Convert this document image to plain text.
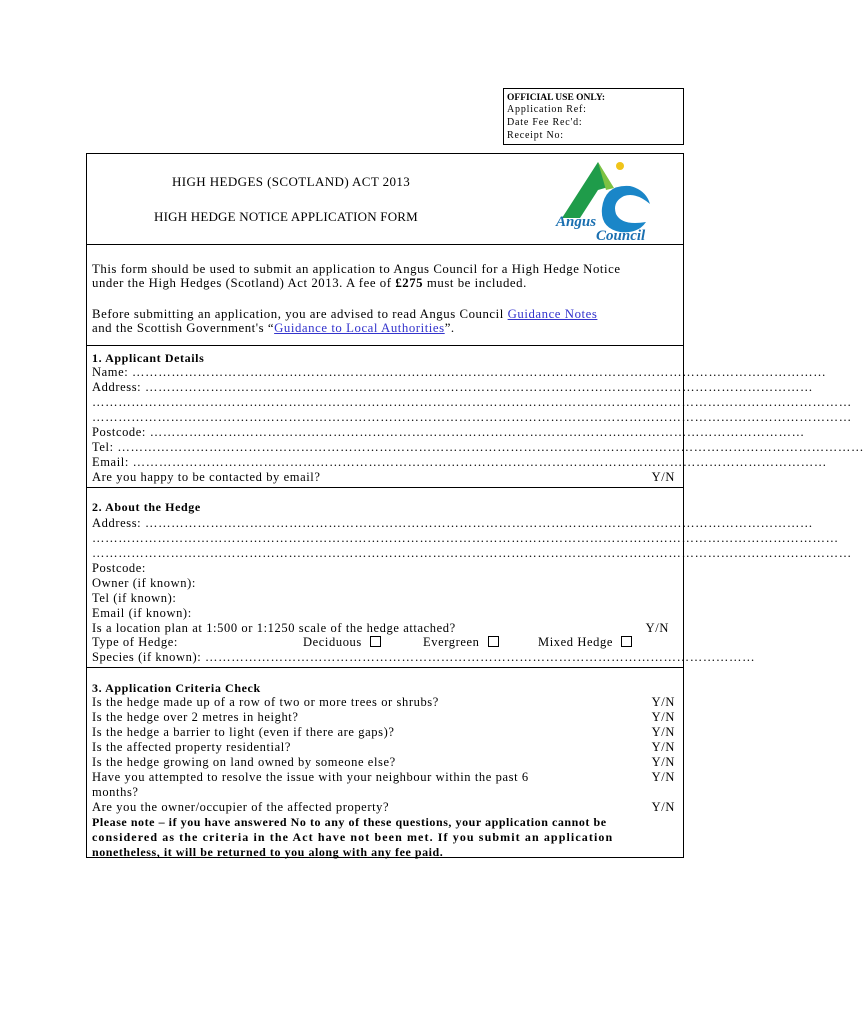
OFFICIAL USE ONLY:
Application Ref:
Date Fee Rec'd:
Receipt No:
HIGH HEDGES (SCOTLAND) ACT 2013
HIGH HEDGE NOTICE APPLICATION FORM	Angus
Council
This form should be used to submit an application to Angus Council for a High Hedge Notice
under the High Hedges (Scotland) Act 2013. A fee of £275 must be included.
Before submitting an application, you are advised to read Angus Council Guidance Notes
and the Scottish Government's “Guidance to Local Authorities”.
1. Applicant Details
Name: ……………………………………………………………………………………………………………………………………………
Address: ………………………………………………………………………………………………………………………………………
…………………………………………………………………………………………………………………………………………………………
…………………………………………………………………………………………………………………………………………………………
Postcode: ……………………………………………………………………………………………………………………………………
Tel: ………………………………………………………………………………………………………………………………………………………
Email: ……………………………………………………………………………………………………………………………………………
Are you happy to be contacted by email?	Y/N
2. About the Hedge
Address: ………………………………………………………………………………………………………………………………………
………………………………………………………………………………………………………………………………………………………
…………………………………………………………………………………………………………………………………………………………
Postcode:
Owner (if known):
Tel (if known):
Email (if known):
Is a location plan at 1:500 or 1:1250 scale of the hedge attached?	Y/N
Type of Hedge:	Deciduous	Evergreen	Mixed Hedge
Species (if known): ………………………………………………………………………………………………………………
3. Application Criteria Check
Is the hedge made up of a row of two or more trees or shrubs?	Y/N
Is the hedge over 2 metres in height?	Y/N
Is the hedge a barrier to light (even if there are gaps)?	Y/N
Is the affected property residential?	Y/N
Is the hedge growing on land owned by someone else?	Y/N
Have you attempted to resolve the issue with your neighbour within the past 6	Y/N
months?
Are you the owner/occupier of the affected property?	Y/N
Please note – if you have answered No to any of these questions, your application cannot be
considered as the criteria in the Act have not been met. If you submit an application
nonetheless, it will be returned to you along with any fee paid.
